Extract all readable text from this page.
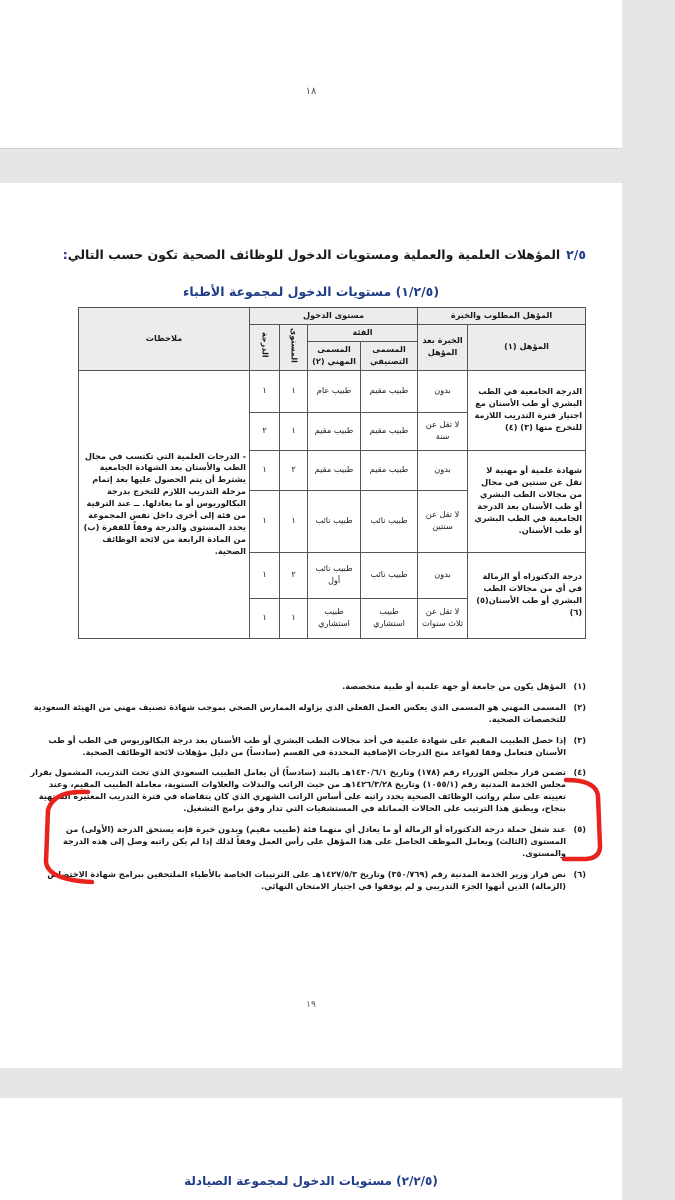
١٨
٢/٥المؤهلات العلمية والعملية ومستويات الدخول للوظائف الصحية تكون حسب التالي:
(١/٢/٥) مستويات الدخول لمجموعة الأطباء
المؤهل المطلوب والخبرة		مستوى الدخول				ملاحظات
المؤهل (١)	الخبرة بعد المؤهل	الفئة		المستوى	الدرجة	
		المسمى التصنيفي	المسمى المهني (٢)			
الدرجة الجامعية في الطب البشري أو طب الأسنان مع اجتياز فترة التدريب اللازمة للتخرج منها (٣) (٤)	بدون	طبيب مقيم	طبيب عام	١	١	- الدرجات العلمية التي تكتسب في مجال الطب والأسنان بعد الشهادة الجامعية يشترط أن يتم الحصول عليها بعد إتمام مرحلة التدريب اللازم للتخرج بدرجة البكالوريوس أو ما يعادلها. ــ عند الترقية من فئة إلى أخرى داخل نفس المجموعة يحدد المستوى والدرجة وفقاً للفقرة (ب) من المادة الرابعة من لائحة الوظائف الصحية.
	لا تقل عن سنة	طبيب مقيم	طبيب مقيم	١	٢	
شهادة علمية أو مهنية لا تقل عن سنتين في مجال من مجالات الطب البشري أو طب الأسنان بعد الدرجة الجامعية في الطب البشري أو طب الأسنان.	بدون	طبيب مقيم	طبيب مقيم	٢	١	
	لا تقل عن سنتين	طبيب نائب	طبيب نائب	١	١	
درجة الدكتوراه أو الزمالة في أي من مجالات الطب البشري أو طب الأسنان(٥)(٦)	بدون	طبيب نائب	طبيب نائب أول	٢	١	
	لا تقل عن ثلاث سنوات	طبيب استشاري	طبيب استشاري	١	١	
(١)
المؤهل يكون من جامعة أو جهة علمية أو طبية متخصصة.
(٢)
المسمى المهني هو المسمى الذي يعكس العمل الفعلي الذي يزاوله الممارس الصحي بموجب شهادة تصنيف مهني من الهيئة السعودية للتخصصات الصحية.
(٣)
إذا حصل الطبيب المقيم على شهادة علمية في أحد مجالات الطب البشري أو طب الأسنان بعد درجة البكالوريوس في الطب أو طب الأسنان فتعامل وفقا لقواعد منح الدرجات الإضافية المحددة في القسم (سادساً) من دليل مؤهلات لائحة الوظائف الصحية.
(٤)
تضمن قرار مجلس الوزراء رقم (١٧٨) وتاريخ ١٤٣٠/٦/١هـ بالبند (سادساً) أن يعامل الطبيب السعودي الذي تحت التدريب، المشمول بقرار مجلس الخدمة المدنية رقم (١٠٥٥/١) وتاريخ ١٤٢٦/٣/٢٨هـ من حيث الراتب والبدلات والعلاوات السنوية، معاملة الطبيب المقيم، وعند تعيينه على سلم رواتب الوظائف الصحية يحدد راتبه على أساس الراتب الشهري الذي كان يتقاضاه في فترة التدريب المعتبرة المنتهية بنجاح، ويطبق هذا الترتيب على الحالات المماثلة في المستشفيات التي تدار وفق برامج التشغيل.
(٥)
عند شغل حملة درجة الدكتوراه أو الزمالة أو ما يعادل أي منهما فئة (طبيب مقيم) وبدون خبرة فإنه يستحق الدرجة (الأولى) من المستوى (الثالث) ويعامل الموظف الحاصل على هذا المؤهل على رأس العمل وفقاً لذلك إذا لم يكن راتبه وصل إلى هذه الدرجة والمستوى.
(٦)
نص قرار وزير الخدمة المدنية رقم (٣٥٠/٧٦٩) وتاريخ ١٤٢٧/٥/٣هـ على الترتيبات الخاصة بالأطباء الملتحقين ببرامج شهادة الاختصاص (الزمالة) الذين أنهوا الجزء التدريبي و لم يوفقوا في اجتياز الامتحان النهائي.
١٩
(٢/٢/٥) مستويات الدخول لمجموعة الصيادلة
